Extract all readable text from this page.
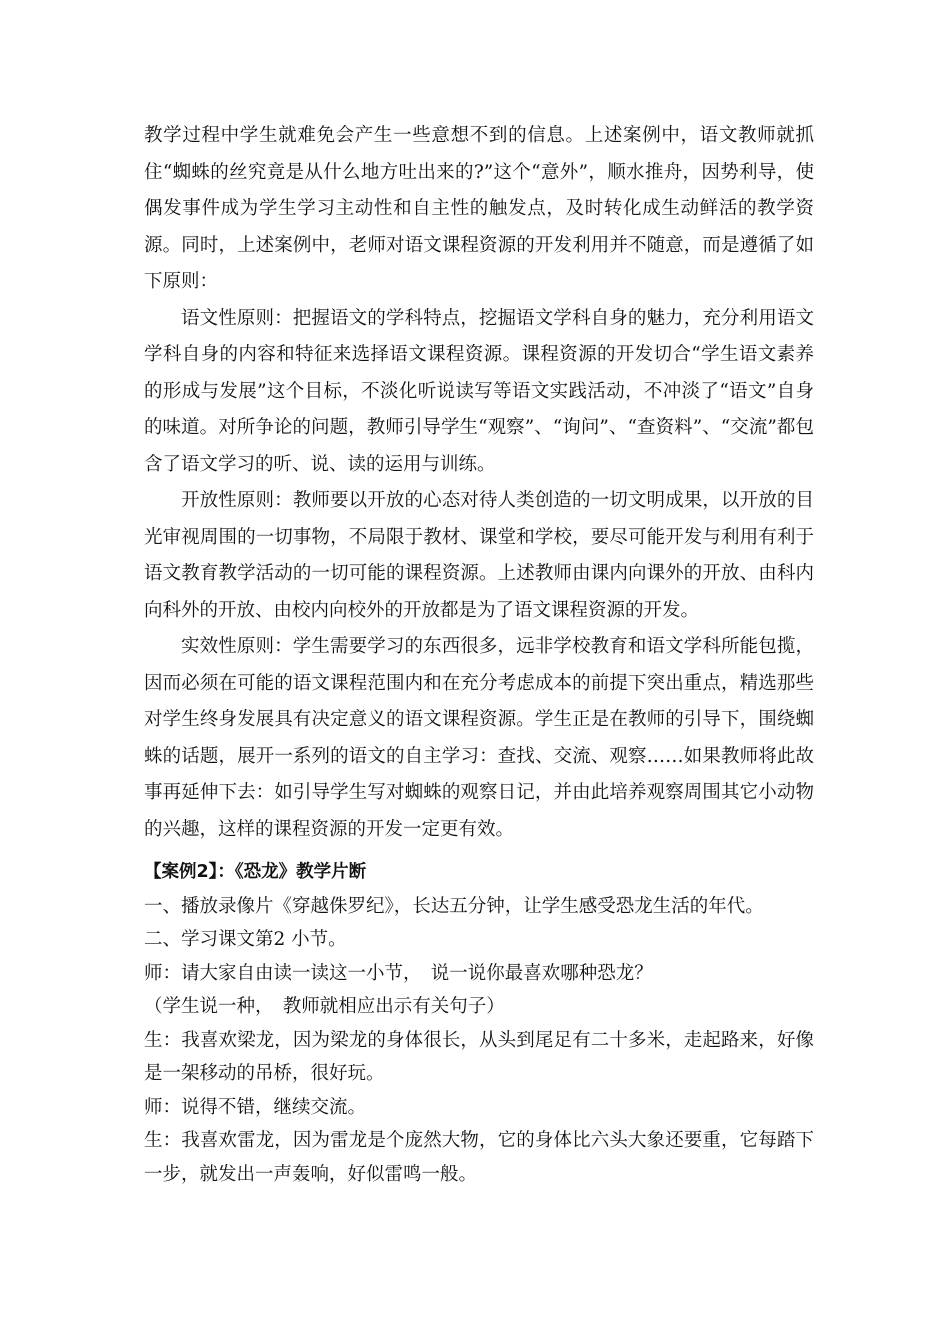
教学过程中学生就难免会产生一些意想不到的信息。上述案例中，语文教师就抓住“蜘蛛的丝究竟是从什么地方吐出来的?”这个“意外”，顺水推舟，因势利导，使偶发事件成为学生学习主动性和自主性的触发点，及时转化成生动鲜活的教学资源。同时，上述案例中，老师对语文课程资源的开发利用并不随意，而是遵循了如下原则：

语文性原则：把握语文的学科特点，挖掘语文学科自身的魅力，充分利用语文学科自身的内容和特征来选择语文课程资源。课程资源的开发切合“学生语文素养的形成与发展”这个目标，不淡化听说读写等语文实践活动，不冲淡了“语文”自身的味道。对所争论的问题，教师引导学生“观察”、“询问”、“查资料”、“交流”都包含了语文学习的听、说、读的运用与训练。

开放性原则：教师要以开放的心态对待人类创造的一切文明成果，以开放的目光审视周围的一切事物，不局限于教材、课堂和学校，要尽可能开发与利用有利于语文教育教学活动的一切可能的课程资源。上述教师由课内向课外的开放、由科内向科外的开放、由校内向校外的开放都是为了语文课程资源的开发。

实效性原则：学生需要学习的东西很多，远非学校教育和语文学科所能包揽，因而必须在可能的语文课程范围内和在充分考虑成本的前提下突出重点，精选那些对学生终身发展具有决定意义的语文课程资源。学生正是在教师的引导下，围绕蜘蛛的话题，展开一系列的语文的自主学习：查找、交流、观察……如果教师将此故事再延伸下去：如引导学生写对蜘蛛的观察日记，并由此培养观察周围其它小动物的兴趣，这样的课程资源的开发一定更有效。

【案例2】：《恐龙》教学片断

一、播放录像片《穿越侏罗纪》，长达五分钟，让学生感受恐龙生活的年代。

二、学习课文第2 小节。

师：请大家自由读一读这一小节，　说一说你最喜欢哪种恐龙？

（学生说一种，　教师就相应出示有关句子）

生：我喜欢梁龙，因为梁龙的身体很长，从头到尾足有二十多米，走起路来，好像是一架移动的吊桥，很好玩。

师：说得不错，继续交流。

生：我喜欢雷龙，因为雷龙是个庞然大物，它的身体比六头大象还要重，它每踏下一步，就发出一声轰响，好似雷鸣一般。
